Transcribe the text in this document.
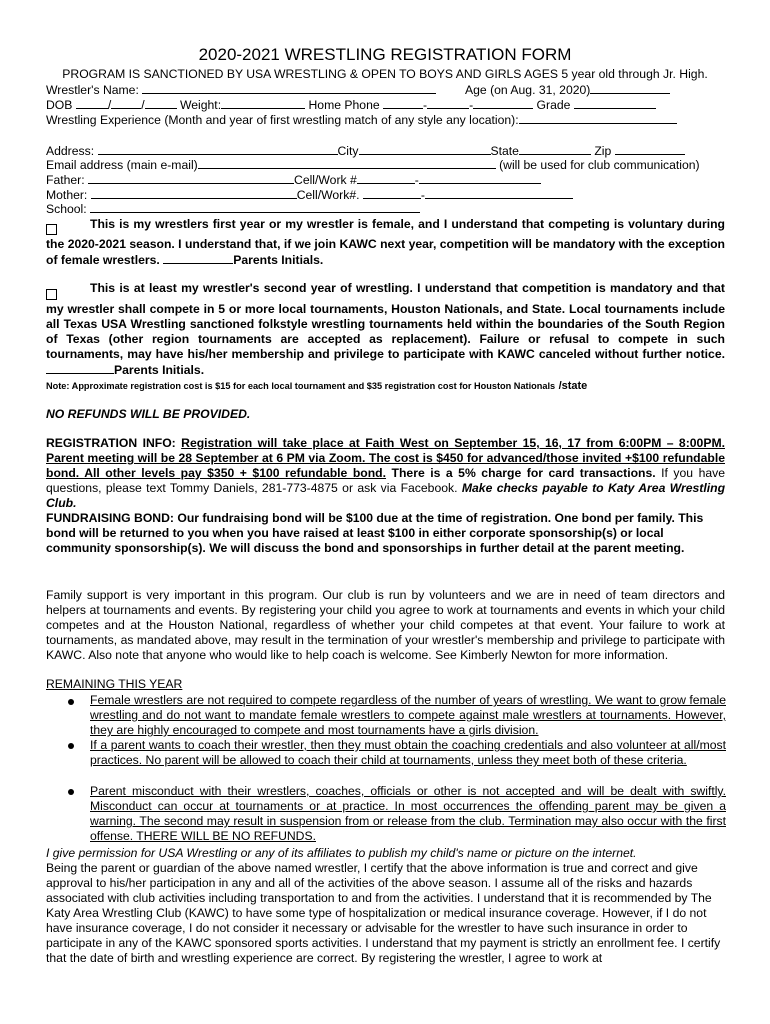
2020-2021 WRESTLING REGISTRATION FORM
PROGRAM IS SANCTIONED BY USA WRESTLING & OPEN TO BOYS AND GIRLS AGES 5 year old through Jr. High.
Wrestler's Name:	Age (on Aug. 31, 2020)
DOB	/ /	Weight:	Home Phone	-	-	Grade
Wrestling Experience (Month and year of first wrestling match of any style any location):
Address:	City	State	Zip
Email address (main e-mail)	(will be used for club communication)
Father:	Cell/Work #	-
Mother:	Cell/Work#.	-
School:

This is my wrestlers first year or my wrestler is female, and I understand that competing is voluntary during

the 2020-2021 season. I understand that, if we join KAWC next year, competition will be mandatory with the exception of female wrestlers.	Parents Initials.

This is at least my wrestler's second year of wrestling. I understand that competition is mandatory and that

my wrestler shall compete in 5 or more local tournaments, Houston Nationals, and State. Local tournaments include all Texas USA Wrestling sanctioned folkstyle wrestling tournaments held within the boundaries of the South Region of Texas (other region tournaments are accepted as replacement). Failure or refusal to compete in such tournaments, may have his/her membership and privilege to participate with KAWC canceled without further notice. Parents Initials.

Note: Approximate registration cost is $15 for each local tournament and $35 registration cost for Houston Nationals /state
NO REFUNDS WILL BE PROVIDED.
REGISTRATION INFO: Registration will take place at Faith West on September 15, 16, 17 from 6:00PM – 8:00PM. Parent meeting will be 28 September at 6 PM via Zoom. The cost is $450 for advanced/those invited +$100 refundable bond. All other levels pay $350 + $100 refundable bond. There is a 5% charge for card transactions. If you have questions, please text Tommy Daniels, 281-773-4875 or ask via Facebook. Make checks payable to Katy Area Wrestling Club.
FUNDRAISING BOND: Our fundraising bond will be $100 due at the time of registration. One bond per family. This bond will be returned to you when you have raised at least $100 in either corporate sponsorship(s) or local community sponsorship(s). We will discuss the bond and sponsorships in further detail at the parent meeting.
Family support is very important in this program. Our club is run by volunteers and we are in need of team directors and helpers at tournaments and events. By registering your child you agree to work at tournaments and events in which your child competes and at the Houston National, regardless of whether your child competes at that event. Your failure to work at tournaments, as mandated above, may result in the termination of your wrestler's membership and privilege to participate with KAWC. Also note that anyone who would like to help coach is welcome. See Kimberly Newton for more information.
REMAINING THIS YEAR
Female wrestlers are not required to compete regardless of the number of years of wrestling. We want to grow female wrestling and do not want to mandate female wrestlers to compete against male wrestlers at tournaments. However, they are highly encouraged to compete and most tournaments have a girls division.
If a parent wants to coach their wrestler, then they must obtain the coaching credentials and also volunteer at all/most practices. No parent will be allowed to coach their child at tournaments, unless they meet both of these criteria.
Parent misconduct with their wrestlers, coaches, officials or other is not accepted and will be dealt with swiftly. Misconduct can occur at tournaments or at practice. In most occurrences the offending parent may be given a warning. The second may result in suspension from or release from the club. Termination may also occur with the first offense. THERE WILL BE NO REFUNDS.
I give permission for USA Wrestling or any of its affiliates to publish my child's name or picture on the internet.
Being the parent or guardian of the above named wrestler, I certify that the above information is true and correct and give approval to his/her participation in any and all of the activities of the above season. I assume all of the risks and hazards associated with club activities including transportation to and from the activities. I understand that it is recommended by The Katy Area Wrestling Club (KAWC) to have some type of hospitalization or medical insurance coverage. However, if I do not have insurance coverage, I do not consider it necessary or advisable for the wrestler to have such insurance in order to participate in any of the KAWC sponsored sports activities. I understand that my payment is strictly an enrollment fee. I certify that the date of birth and wrestling experience are correct. By registering the wrestler, I agree to work at
